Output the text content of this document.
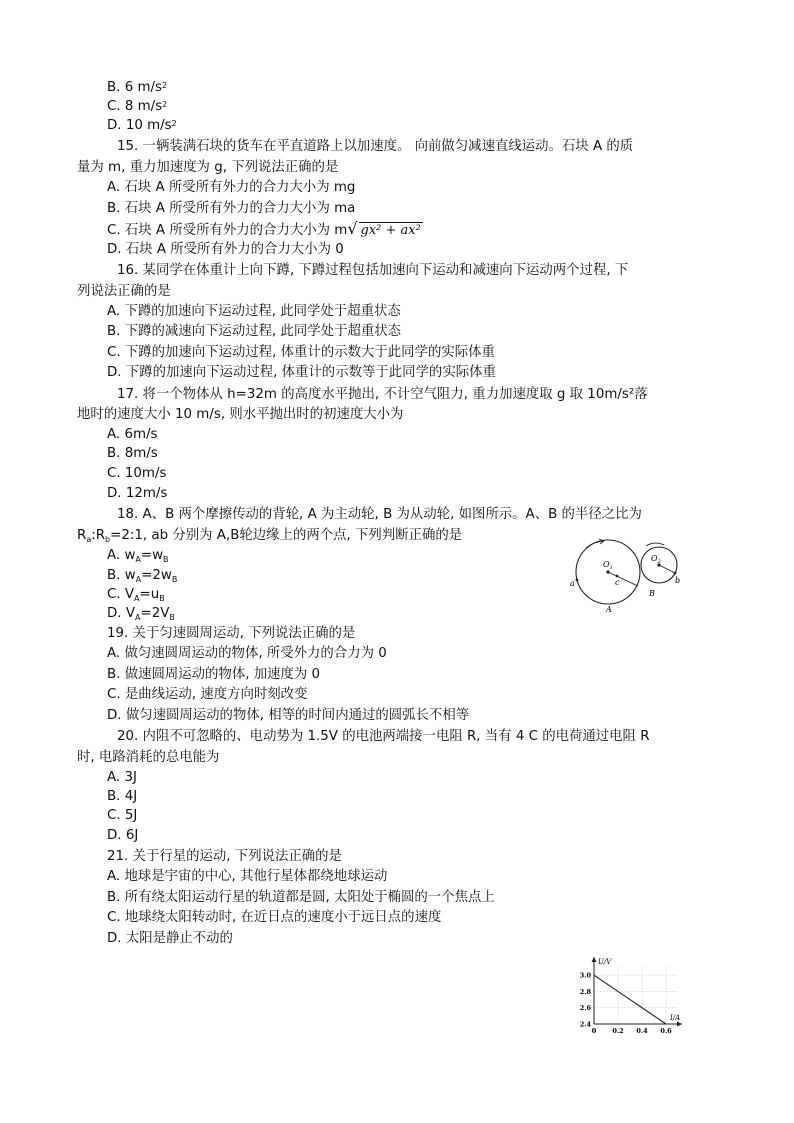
B. 6 $m/s^2$
C. 8 $m/s^2$
D. 10 $m/s^2$
15. 一辆装满石块的货车在平直道路上以加速度。 向前做匀减速直线运动。石块 A 的质
量为 m, 重力加速度为 g, 下列说法正确的是
A. 石块 A 所受所有外力的合力大小为 mg
B. 石块 A 所受所有外力的合力大小为 ma
C. 石块 A 所受所有外力的合力大小为 m√ gx² + ax²
D. 石块 A 所受所有外力的合力大小为 0
16. 某同学在体重计上向下蹲, 下蹲过程包括加速向下运动和减速向下运动两个过程, 下
列说法正确的是
A. 下蹲的加速向下运动过程, 此同学处于超重状态
B. 下蹲的减速向下运动过程, 此同学处于超重状态
C. 下蹲的加速向下运动过程, 体重计的示数大于此同学的实际体重
D. 下蹲的加速向下运动过程, 体重计的示数等于此同学的实际体重
17. 将一个物体从 h=32m 的高度水平抛出, 不计空气阻力, 重力加速度取 g 取 10m/s²落
地时的速度大小 10 m/s, 则水平抛出时的初速度大小为
A. 6m/s
B. 8m/s
C. 10m/s
D. 12m/s
18. A、B 两个摩擦传动的背轮, A 为主动轮, B 为从动轮, 如图所示。A、B 的半径之比为
$R_a:R_b=2:1$, ab 分别为 A,B轮边缘上的两个点, 下列判断正确的是
A. $w_A=w_B$
B. $w_A=2w_B$
C. $V_A=u_B$
D. $V_A=2V_B$
$O_1$
$O_2$
c
a	b
A
B
19. 关于匀速圆周运动, 下列说法正确的是
A. 做匀速圆周运动的物体, 所受外力的合力为 0
B. 做速圆周运动的物体, 加速度为 0
C. 是曲线运动, 速度方向时刻改变
D. 做匀速圆周运动的物体, 相等的时间内通过的圆弧长不相等
20. 内阻不可忽略的、电动势为 1.5V 的电池两端接一电阻 R, 当有 4 C 的电荷通过电阻 R
时, 电路消耗的总电能为
A. 3J
B. 4J
C. 5J
D. 6J
21. 关于行星的运动, 下列说法正确的是
A. 地球是宇宙的中心, 其他行星体都绕地球运动
B. 所有绕太阳运动行星的轨道都是圆, 太阳处于椭圆的一个焦点上
C. 地球绕太阳转动时, 在近日点的速度小于远日点的速度
D. 太阳是静止不动的
2.4
2.6
2.8
3.0
0 0.2 0.4 0.6
U/V
I/A
